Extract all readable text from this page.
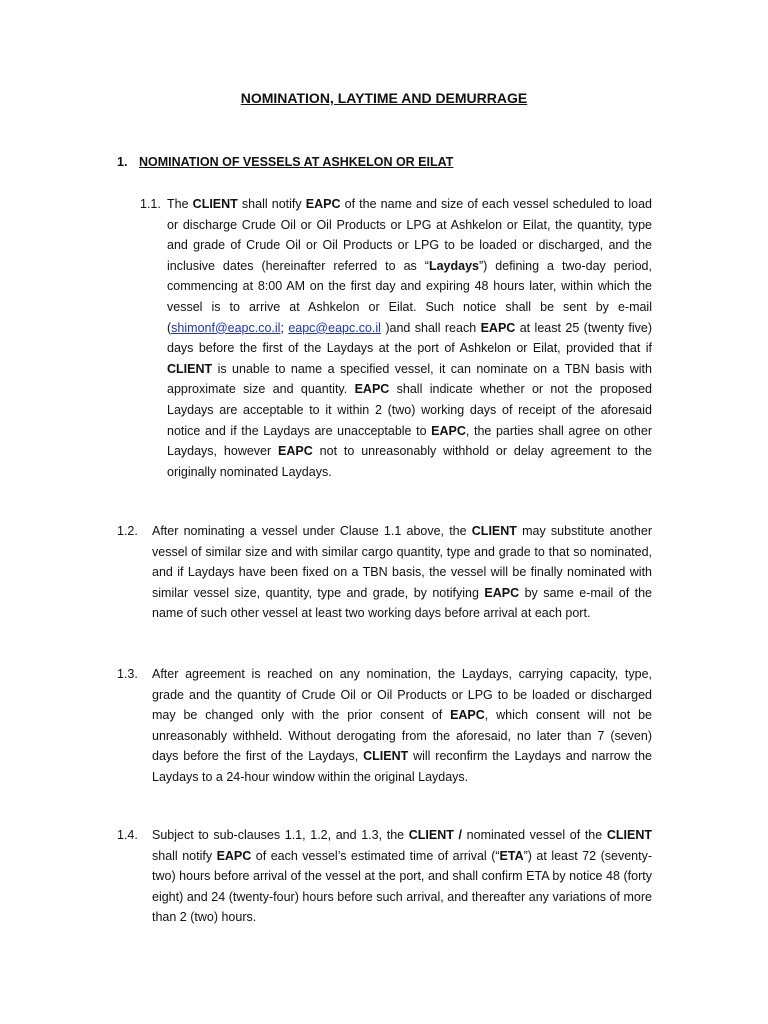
NOMINATION, LAYTIME AND DEMURRAGE
1. NOMINATION OF VESSELS AT ASHKELON OR EILAT
1.1. The CLIENT shall notify EAPC of the name and size of each vessel scheduled to load or discharge Crude Oil or Oil Products or LPG at Ashkelon or Eilat, the quantity, type and grade of Crude Oil or Oil Products or LPG to be loaded or discharged, and the inclusive dates (hereinafter referred to as “Laydays”) defining a two-day period, commencing at 8:00 AM on the first day and expiring 48 hours later, within which the vessel is to arrive at Ashkelon or Eilat. Such notice shall be sent by e-mail (shimonf@eapc.co.il; eapc@eapc.co.il )and shall reach EAPC at least 25 (twenty five) days before the first of the Laydays at the port of Ashkelon or Eilat, provided that if CLIENT is unable to name a specified vessel, it can nominate on a TBN basis with approximate size and quantity. EAPC shall indicate whether or not the proposed Laydays are acceptable to it within 2 (two) working days of receipt of the aforesaid notice and if the Laydays are unacceptable to EAPC, the parties shall agree on other Laydays, however EAPC not to unreasonably withhold or delay agreement to the originally nominated Laydays.
1.2. After nominating a vessel under Clause 1.1 above, the CLIENT may substitute another vessel of similar size and with similar cargo quantity, type and grade to that so nominated, and if Laydays have been fixed on a TBN basis, the vessel will be finally nominated with similar vessel size, quantity, type and grade, by notifying EAPC by same e-mail of the name of such other vessel at least two working days before arrival at each port.
1.3. After agreement is reached on any nomination, the Laydays, carrying capacity, type, grade and the quantity of Crude Oil or Oil Products or LPG to be loaded or discharged may be changed only with the prior consent of EAPC, which consent will not be unreasonably withheld. Without derogating from the aforesaid, no later than 7 (seven) days before the first of the Laydays, CLIENT will reconfirm the Laydays and narrow the Laydays to a 24-hour window within the original Laydays.
1.4. Subject to sub-clauses 1.1, 1.2, and 1.3, the CLIENT / nominated vessel of the CLIENT shall notify EAPC of each vessel’s estimated time of arrival (“ETA”) at least 72 (seventy-two) hours before arrival of the vessel at the port, and shall confirm ETA by notice 48 (forty eight) and 24 (twenty-four) hours before such arrival, and thereafter any variations of more than 2 (two) hours.
